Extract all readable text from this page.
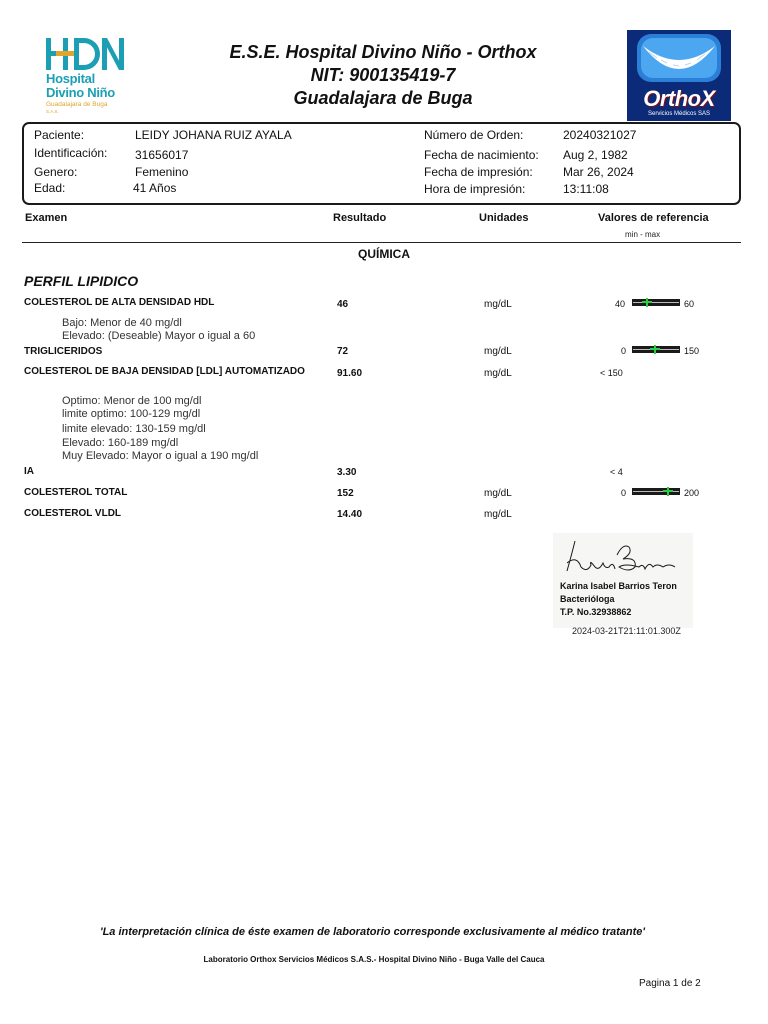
Hospital
Divino Niño
Guadalajara de Buga
S.A.S.
E.S.E. Hospital Divino Niño - Orthox
NIT: 900135419-7
Guadalajara de Buga	OrthoX
Servicios Médicos SAS
Paciente:	LEIDY JOHANA RUIZ AYALA
Identificación: 31656017
Genero:	Femenino
Edad:	41 Años
Número de Orden:	20240321027
Fecha de nacimiento: Aug 2, 1982
Fecha de impresión:	Mar 26, 2024
Hora de impresión:	13:11:08
Examen	Resultado	Unidades	Valores de referencia
min - max
QUÍMICA
PERFIL LIPIDICO
COLESTEROL DE ALTA DENSIDAD HDL	46	mg/dL	40	60
Bajo: Menor de 40 mg/dl
Elevado: (Deseable) Mayor o igual a 60
TRIGLICERIDOS	72	mg/dL	0	150
COLESTEROL DE BAJA DENSIDAD [LDL] AUTOMATIZADO	91.60	mg/dL	< 150
Optimo: Menor de 100 mg/dl
limite optimo: 100-129 mg/dl
limite elevado: 130-159 mg/dl
Elevado: 160-189 mg/dl
Muy Elevado: Mayor o igual a 190 mg/dl
IA	3.30	< 4
COLESTEROL TOTAL	152	mg/dL	0	200
COLESTEROL VLDL	14.40	mg/dL
Karina Isabel Barrios Teron
Bacterióloga
T.P. No.32938862
2024-03-21T21:11:01.300Z
'La interpretación clínica de éste examen de laboratorio corresponde exclusivamente al médico tratante'
Laboratorio Orthox Servicios Médicos S.A.S.- Hospital Divino Niño - Buga Valle del Cauca
Pagina 1 de 2
